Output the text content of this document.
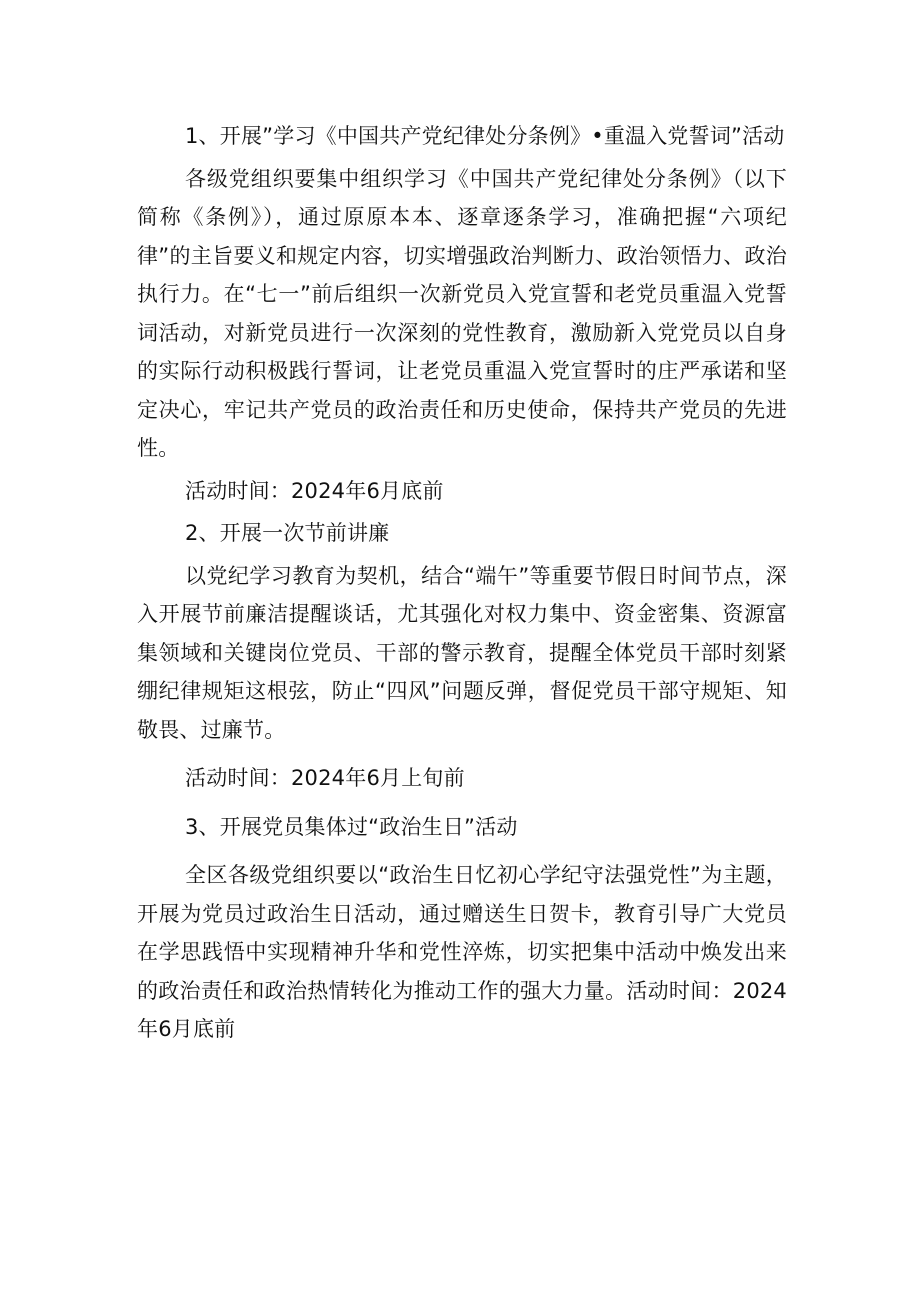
1、开展”学习《中国共产党纪律处分条例》•重温入党誓词”活动

各级党组织要集中组织学习《中国共产党纪律处分条例》（以下简称《条例》），通过原原本本、逐章逐条学习，准确把握“六项纪律”的主旨要义和规定内容，切实增强政治判断力、政治领悟力、政治执行力。在“七一”前后组织一次新党员入党宣誓和老党员重温入党誓词活动，对新党员进行一次深刻的党性教育，激励新入党党员以自身的实际行动积极践行誓词，让老党员重温入党宣誓时的庄严承诺和坚定决心，牢记共产党员的政治责任和历史使命，保持共产党员的先进性。

活动时间：2024年6月底前

2、开展一次节前讲廉

以党纪学习教育为契机，结合“端午”等重要节假日时间节点，深入开展节前廉洁提醒谈话，尤其强化对权力集中、资金密集、资源富集领域和关键岗位党员、干部的警示教育，提醒全体党员干部时刻紧绷纪律规矩这根弦，防止“四风”问题反弹，督促党员干部守规矩、知敬畏、过廉节。

活动时间：2024年6月上旬前

3、开展党员集体过“政治生日”活动

全区各级党组织要以“政治生日忆初心学纪守法强党性”为主题，开展为党员过政治生日活动，通过赠送生日贺卡，教育引导广大党员在学思践悟中实现精神升华和党性淬炼，切实把集中活动中焕发出来的政治责任和政治热情转化为推动工作的强大力量。活动时间：2024年6月底前
